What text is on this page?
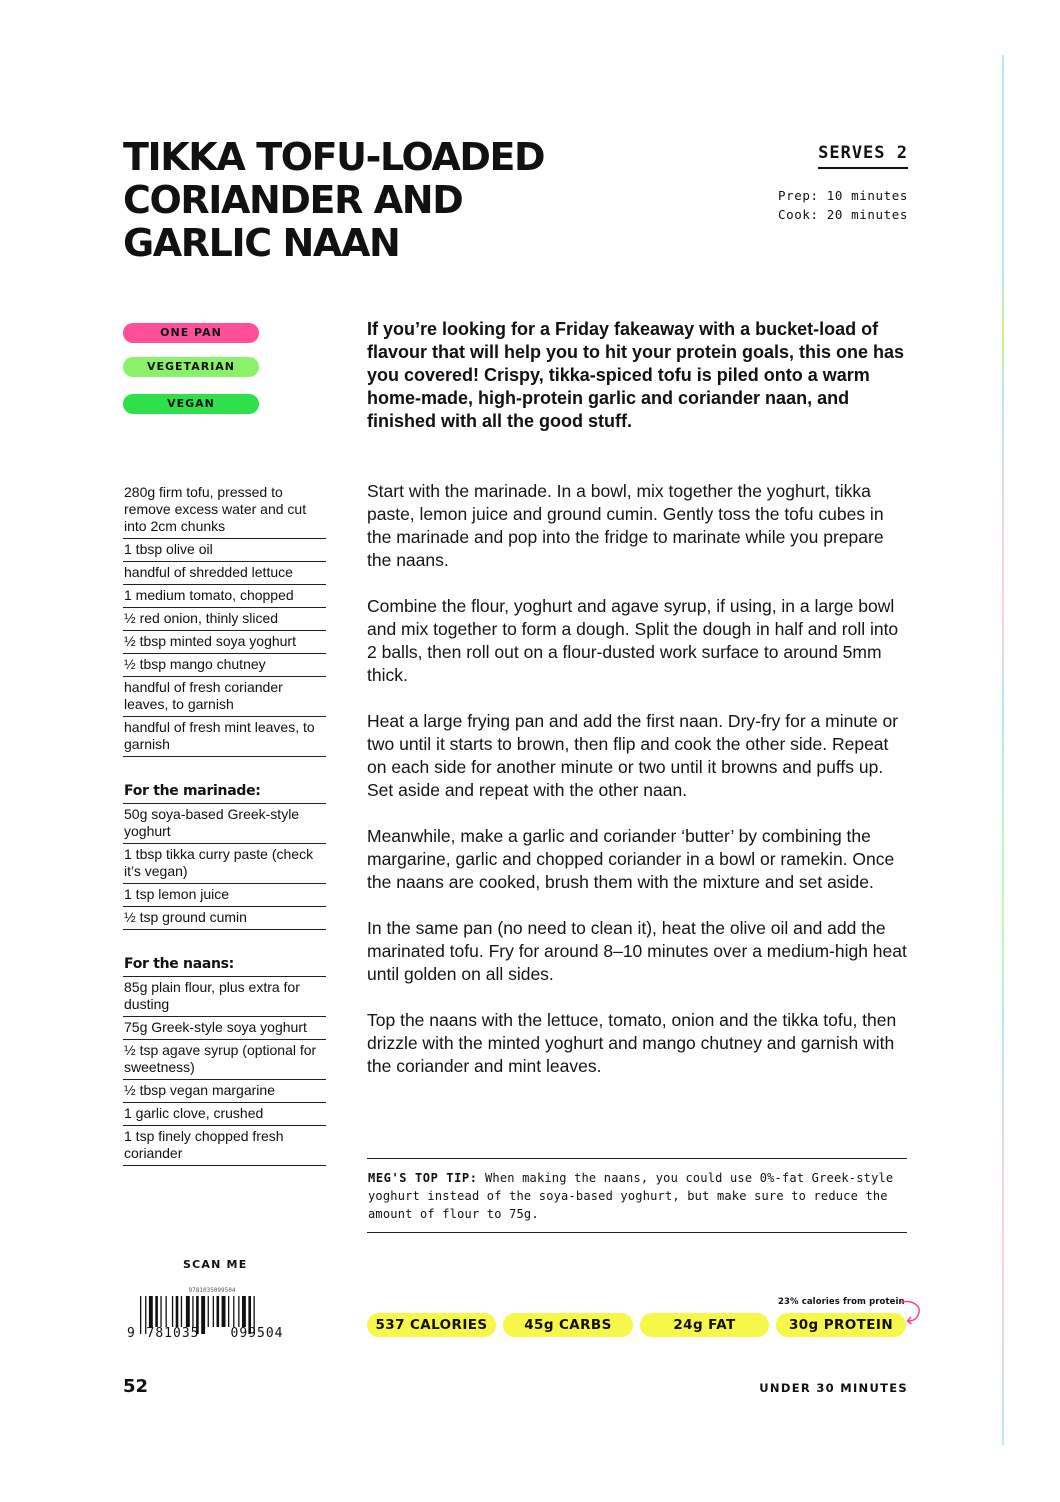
TIKKA TOFU-LOADED CORIANDER AND GARLIC NAAN
SERVES 2
Prep: 10 minutes
Cook: 20 minutes
ONE PAN
VEGETARIAN
VEGAN

If you’re looking for a Friday fakeaway with a bucket-load of flavour that will help you to hit your protein goals, this one has you covered! Crispy, tikka-spiced tofu is piled onto a warm home-made, high-protein garlic and coriander naan, and finished with all the good stuff.

280g firm tofu, pressed to remove excess water and cut into 2cm chunks
1 tbsp olive oil
handful of shredded lettuce
1 medium tomato, chopped
½ red onion, thinly sliced
½ tbsp minted soya yoghurt
½ tbsp mango chutney
handful of fresh coriander leaves, to garnish
handful of fresh mint leaves, to garnish
For the marinade:
50g soya-based Greek-style yoghurt
1 tbsp tikka curry paste (check it’s vegan)
1 tsp lemon juice
½ tsp ground cumin
For the naans:
85g plain flour, plus extra for dusting
75g Greek-style soya yoghurt
½ tsp agave syrup (optional for sweetness)
½ tbsp vegan margarine
1 garlic clove, crushed
1 tsp finely chopped fresh coriander

Start with the marinade. In a bowl, mix together the yoghurt, tikka paste, lemon juice and ground cumin. Gently toss the tofu cubes in the marinade and pop into the fridge to marinate while you prepare the naans.

Combine the flour, yoghurt and agave syrup, if using, in a large bowl and mix together to form a dough. Split the dough in half and roll into 2 balls, then roll out on a flour-dusted work surface to around 5mm thick.

Heat a large frying pan and add the first naan. Dry-fry for a minute or two until it starts to brown, then flip and cook the other side. Repeat on each side for another minute or two until it browns and puffs up. Set aside and repeat with the other naan.

Meanwhile, make a garlic and coriander ‘butter’ by combining the margarine, garlic and chopped coriander in a bowl or ramekin. Once the naans are cooked, brush them with the mixture and set aside.

In the same pan (no need to clean it), heat the olive oil and add the marinated tofu. Fry for around 8–10 minutes over a medium-high heat until golden on all sides.

Top the naans with the lettuce, tomato, onion and the tikka tofu, then drizzle with the minted yoghurt and mango chutney and garnish with the coriander and mint leaves.

MEG'S TOP TIP: When making the naans, you could use 0%-fat Greek-style yoghurt instead of the soya-based yoghurt, but make sure to reduce the amount of flour to 75g.
SCAN ME
9781035099504
9 781035 099504
537 CALORIES	45g CARBS	24g FAT	30g PROTEIN
23% calories from protein
52	UNDER 30 MINUTES
